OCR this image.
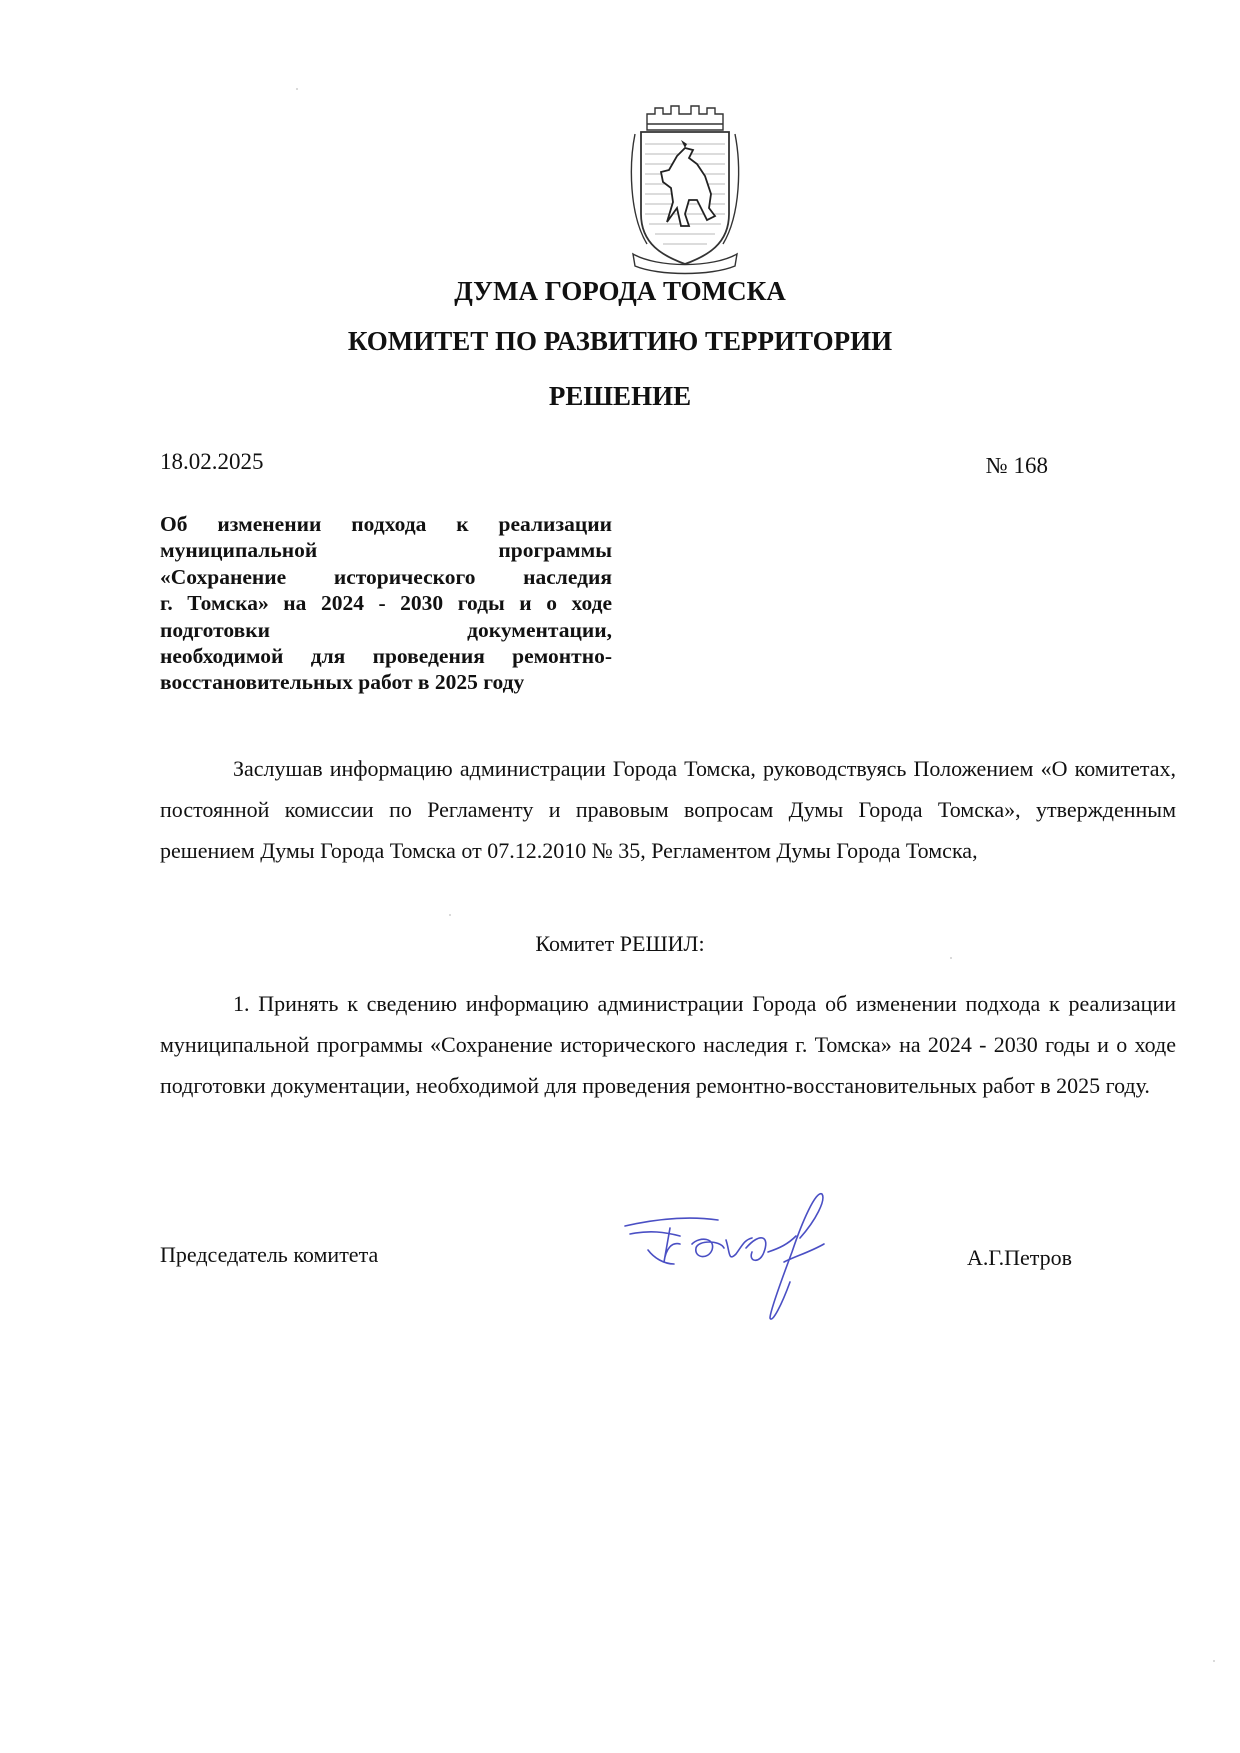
ДУМА ГОРОДА ТОМСКА
КОМИТЕТ ПО РАЗВИТИЮ ТЕРРИТОРИИ
РЕШЕНИЕ
18.02.2025	№ 168
Об изменении подхода к реализации
муниципальной программы
«Сохранение исторического наследия
г. Томска» на 2024 - 2030 годы и о ходе
подготовки документации,
необходимой для проведения ремонтно-
восстановительных работ в 2025 году
Заслушав информацию администрации Города Томска, руководствуясь Положением «О комитетах, постоянной комиссии по Регламенту и правовым вопросам Думы Города Томска», утвержденным решением Думы Города Томска от 07.12.2010 № 35, Регламентом Думы Города Томска,
Комитет РЕШИЛ:
1. Принять к сведению информацию администрации Города об изменении подхода к реализации муниципальной программы «Сохранение исторического наследия г. Томска» на 2024 - 2030 годы и о ходе подготовки документации, необходимой для проведения ремонтно-восстановительных работ в 2025 году.
Председатель комитета	А.Г.Петров
